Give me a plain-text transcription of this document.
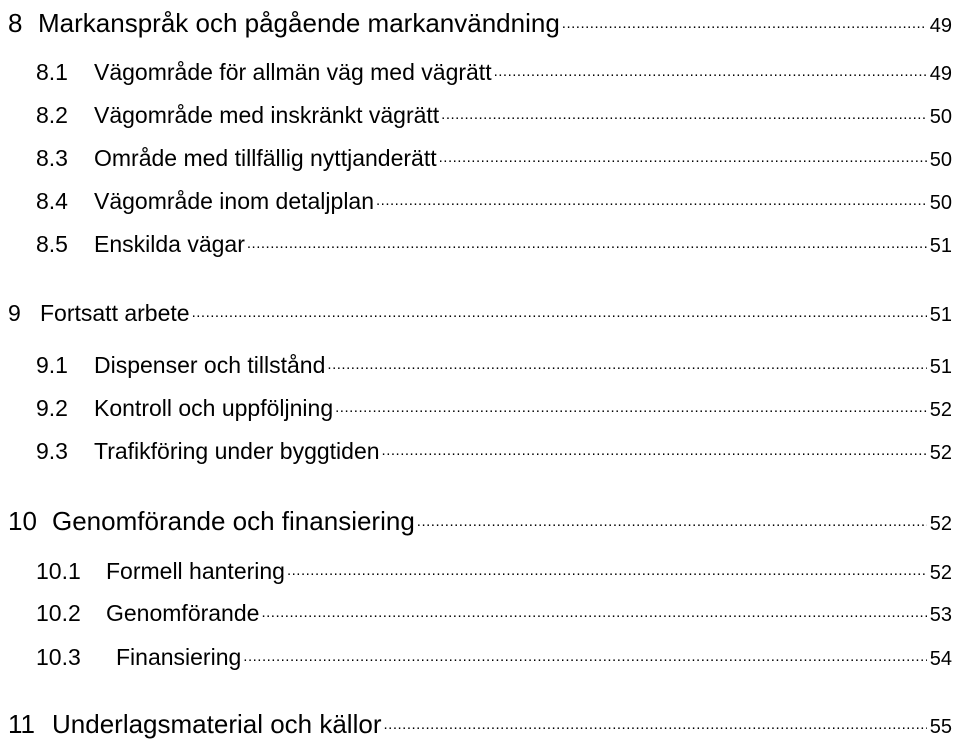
8 Markanspråk och pågående markanvändning .....	49
8.1	Vägområde för allmän väg med vägrätt .....	49
8.2	Vägområde med inskränkt vägrätt .....	50
8.3	Område med tillfällig nyttjanderätt .....	50
8.4	Vägområde inom detaljplan .....	50
8.5	Enskilda vägar .....	51
9 Fortsatt arbete .....	51
9.1	Dispenser och tillstånd .....	51
9.2	Kontroll och uppföljning .....	52
9.3	Trafikföring under byggtiden .....	52
10 Genomförande och finansiering .....	52
10.1	Formell hantering .....	52
10.2	Genomförande .....	53
10.3	Finansiering .....	54
11 Underlagsmaterial och källor .....	55
